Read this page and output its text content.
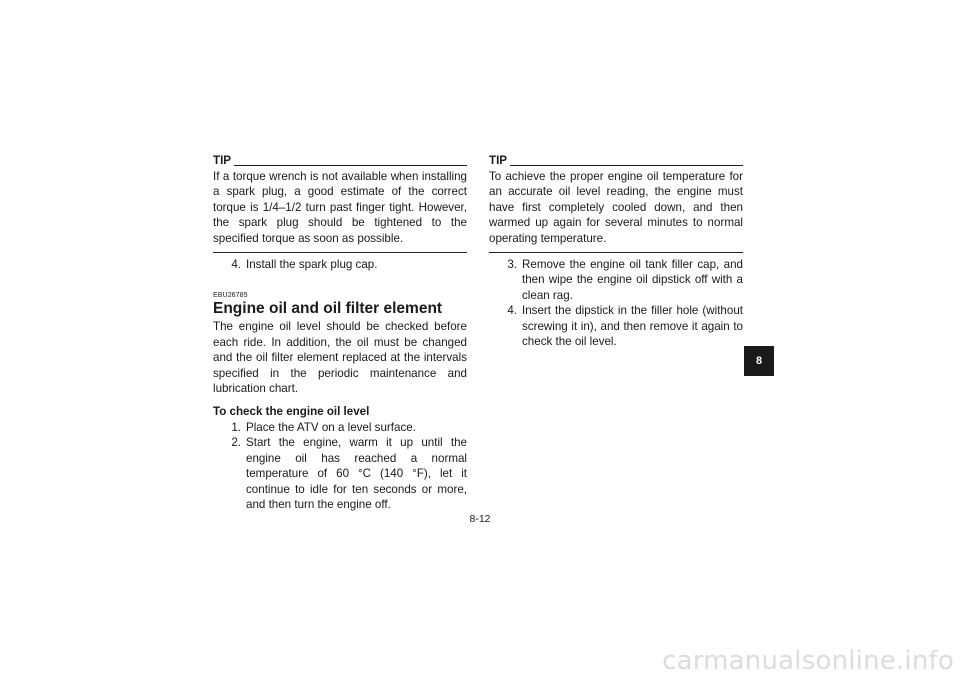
TIP
If a torque wrench is not available when installing a spark plug, a good estimate of the correct torque is 1/4–1/2 turn past finger tight. However, the spark plug should be tightened to the specified torque as soon as possible.
4. Install the spark plug cap.
EBU26785
Engine oil and oil filter element
The engine oil level should be checked before each ride. In addition, the oil must be changed and the oil filter element replaced at the intervals specified in the periodic maintenance and lubrication chart.
To check the engine oil level
1. Place the ATV on a level surface.
2. Start the engine, warm it up until the engine oil has reached a normal temperature of 60 °C (140 °F), let it continue to idle for ten seconds or more, and then turn the engine off.
TIP
To achieve the proper engine oil temperature for an accurate oil level reading, the engine must have first completely cooled down, and then warmed up again for several minutes to normal operating temperature.
3. Remove the engine oil tank filler cap, and then wipe the engine oil dipstick off with a clean rag.
4. Insert the dipstick in the filler hole (without screwing it in), and then remove it again to check the oil level.
8
8-12
carmanualsonline.info
